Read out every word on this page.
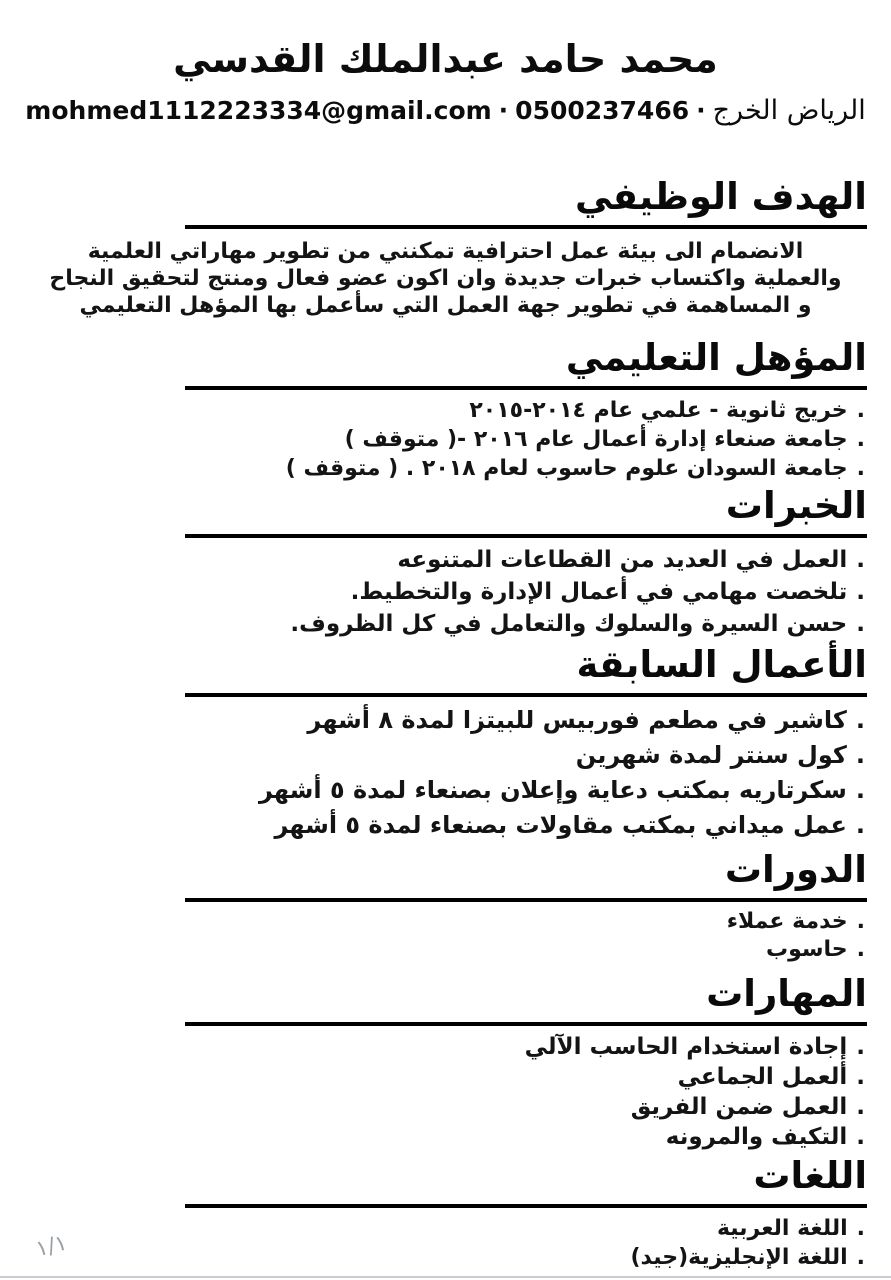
محمد حامد عبدالملك القدسي
الرياض الخرج·0500237466·mohmed1112223334@gmail.com
الهدف الوظيفي

الانضمام الى بيئة عمل احترافية تمكنني من تطوير مهاراتي العلمية والعملية واكتساب خبرات جديدة وان اكون عضو فعال ومنتج لتحقيق النجاح و المساهمة في تطوير جهة العمل التي سأعمل بها المؤهل التعليمي

المؤهل التعليمي
. خريج ثانوية - علمي عام ٢٠١٤-٢٠١٥
. جامعة صنعاء إدارة أعمال عام ٢٠١٦ -( متوقف )
. جامعة السودان علوم حاسوب لعام ٢٠١٨ . ( متوقف )
الخبرات
. العمل في العديد من القطاعات المتنوعه
. تلخصت مهامي في أعمال الإدارة والتخطيط.
. حسن السيرة والسلوك والتعامل في كل الظروف.
الأعمال السابقة
. كاشير في مطعم فوربيس للبيتزا لمدة ٨ أشهر
. كول سنتر لمدة شهرين
. سكرتاريه بمكتب دعاية وإعلان بصنعاء لمدة ٥ أشهر
. عمل ميداني بمكتب مقاولات بصنعاء لمدة ٥ أشهر
الدورات
. خدمة عملاء
. حاسوب
المهارات
. إجادة استخدام الحاسب الآلي
. ألعمل الجماعي
. العمل ضمن الفريق
. التكيف والمرونه
اللغات
. اللغة العربية
. اللغة الإنجليزية(جيد)
١/١
